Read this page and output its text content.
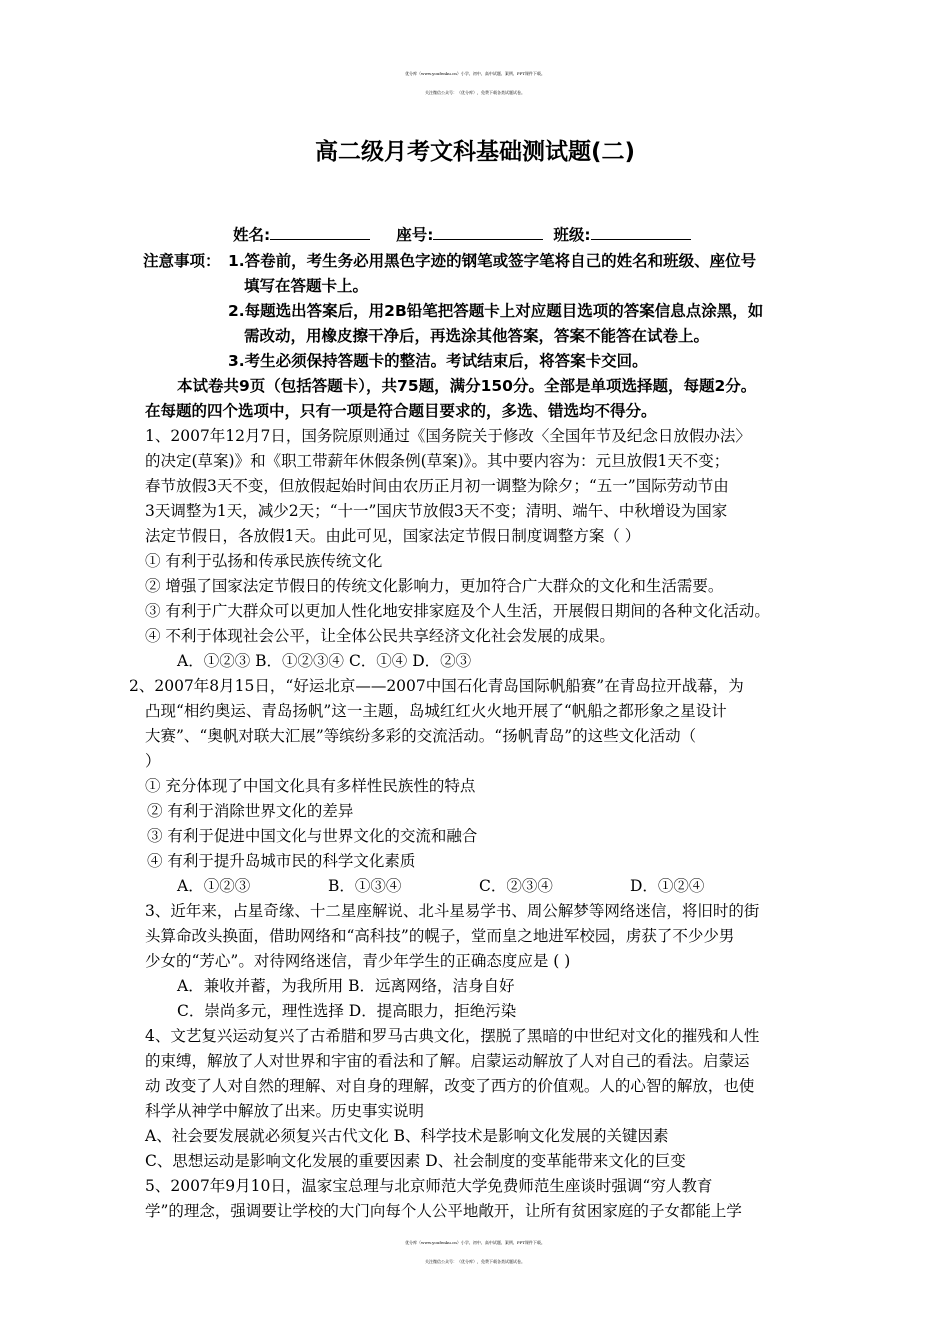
优分库（www.youfenku.cn）小学、初中、高中试题、案例、PPT课件下载。
关注微信公众号：（优分库），免费下载各类试题试卷。
高二级月考文科基础测试题(二)
姓名:	座号:	班级:
注意事项： 1.答卷前，考生务必用黑色字迹的钢笔或签字笔将自己的姓名和班级、座位号
填写在答题卡上。
2.每题选出答案后，用2B铅笔把答题卡上对应题目选项的答案信息点涂黑，如
需改动，用橡皮擦干净后，再选涂其他答案，答案不能答在试卷上。
3.考生必须保持答题卡的整洁。考试结束后，将答案卡交回。
本试卷共9页（包括答题卡），共75题，满分150分。全部是单项选择题，每题2分。
在每题的四个选项中，只有一项是符合题目要求的，多选、错选均不得分。
1、2007年12月7日，国务院原则通过《国务院关于修改〈全国年节及纪念日放假办法〉
的决定(草案)》和《职工带薪年休假条例(草案)》。其中要内容为：元旦放假1天不变；
春节放假3天不变，但放假起始时间由农历正月初一调整为除夕；“五一”国际劳动节由
3天调整为1天，减少2天；“十一”国庆节放假3天不变；清明、端午、中秋增设为国家
法定节假日，各放假1天。由此可见，国家法定节假日制度调整方案（ ）
① 有利于弘扬和传承民族传统文化
② 增强了国家法定节假日的传统文化影响力，更加符合广大群众的文化和生活需要。
③ 有利于广大群众可以更加人性化地安排家庭及个人生活，开展假日期间的各种文化活动。
④ 不利于体现社会公平，让全体公民共享经济文化社会发展的成果。
A．①②③ B．①②③④ C．①④ D．②③
2、2007年8月15日，“好运北京——2007中国石化青岛国际帆船赛”在青岛拉开战幕，为
凸现“相约奥运、青岛扬帆”这一主题，岛城红红火火地开展了“帆船之都形象之星设计
大赛”、“奥帆对联大汇展”等缤纷多彩的交流活动。“扬帆青岛”的这些文化活动（
）
① 充分体现了中国文化具有多样性民族性的特点
② 有利于消除世界文化的差异
③ 有利于促进中国文化与世界文化的交流和融合
④ 有利于提升岛城市民的科学文化素质
A．①②③	B．①③④	C．②③④	D．①②④
3、近年来，占星奇缘、十二星座解说、北斗星易学书、周公解梦等网络迷信，将旧时的街
头算命改头换面，借助网络和“高科技”的幌子，堂而皇之地进军校园，虏获了不少少男
少女的“芳心”。对待网络迷信，青少年学生的正确态度应是 ( )
A．兼收并蓄，为我所用 B．远离网络，洁身自好
C．崇尚多元，理性选择 D．提高眼力，拒绝污染
4、文艺复兴运动复兴了古希腊和罗马古典文化，摆脱了黑暗的中世纪对文化的摧残和人性
的束缚，解放了人对世界和宇宙的看法和了解。启蒙运动解放了人对自己的看法。启蒙运
动 改变了人对自然的理解、对自身的理解，改变了西方的价值观。人的心智的解放，也使
科学从神学中解放了出来。历史事实说明
A、社会要发展就必须复兴古代文化 B、科学技术是影响文化发展的关键因素
C、思想运动是影响文化发展的重要因素 D、社会制度的变革能带来文化的巨变
5、2007年9月10日，温家宝总理与北京师范大学免费师范生座谈时强调“穷人教育
学”的理念，强调要让学校的大门向每个人公平地敞开，让所有贫困家庭的子女都能上学
优分库（www.youfenku.cn）小学、初中、高中试题、案例、PPT课件下载。
关注微信公众号：（优分库），免费下载各类试题试卷。
